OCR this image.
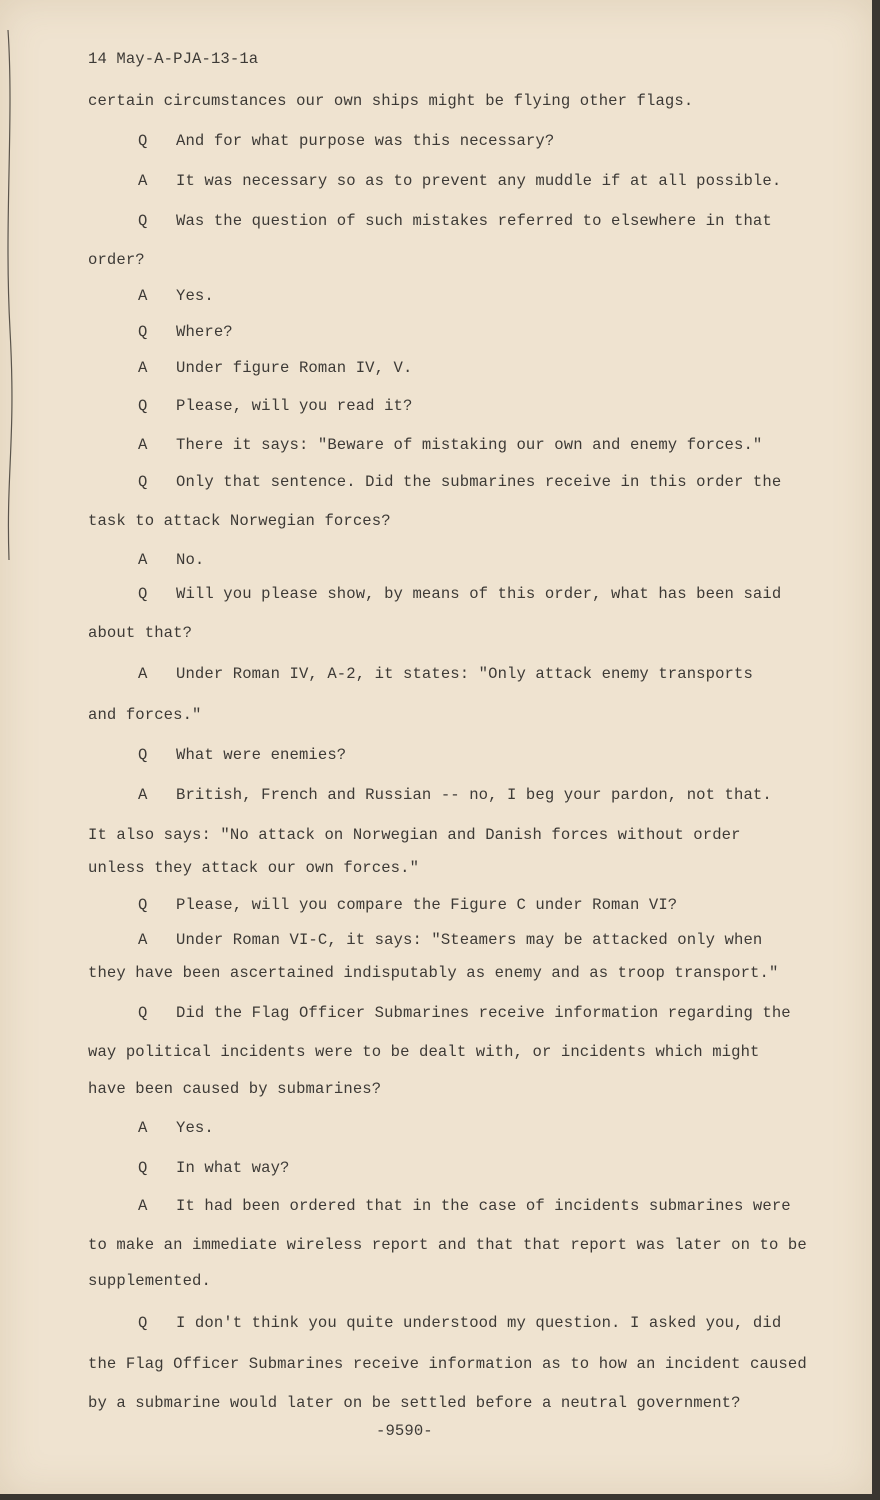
14 May-A-PJA-13-1a
certain circumstances our own ships might be flying other flags.
Q And for what purpose was this necessary?
A It was necessary so as to prevent any muddle if at all possible.
Q Was the question of such mistakes referred to elsewhere in that
order?
A Yes.
Q Where?
A Under figure Roman IV, V.
Q Please, will you read it?
A There it says: "Beware of mistaking our own and enemy forces."
Q Only that sentence. Did the submarines receive in this order the
task to attack Norwegian forces?
A No.
Q Will you please show, by means of this order, what has been said
about that?
A Under Roman IV, A-2, it states: "Only attack enemy transports
and forces."
Q What were enemies?
A British, French and Russian -- no, I beg your pardon, not that.
It also says: "No attack on Norwegian and Danish forces without order
unless they attack our own forces."
Q Please, will you compare the Figure C under Roman VI?
A Under Roman VI-C, it says: "Steamers may be attacked only when
they have been ascertained indisputably as enemy and as troop transport."
Q Did the Flag Officer Submarines receive information regarding the
way political incidents were to be dealt with, or incidents which might
have been caused by submarines?
A Yes.
Q In what way?
A It had been ordered that in the case of incidents submarines were
to make an immediate wireless report and that that report was later on to be
supplemented.
Q I don't think you quite understood my question. I asked you, did
the Flag Officer Submarines receive information as to how an incident caused
by a submarine would later on be settled before a neutral government?
-9590-
